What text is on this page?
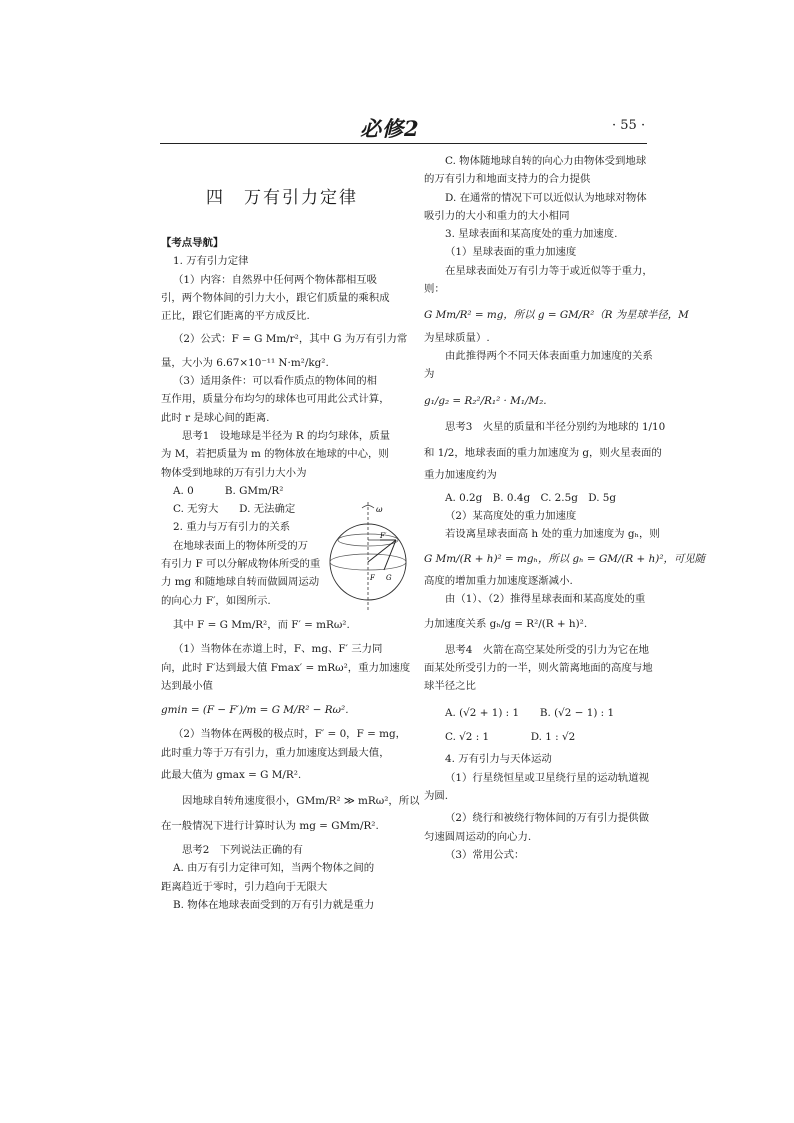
必修2	· 55 ·

四　万有引力定律

【考点导航】

1. 万有引力定律

（1）内容：自然界中任何两个物体都相互吸

引，两个物体间的引力大小，跟它们质量的乘积成

正比，跟它们距离的平方成反比.

（2）公式：F = G Mm/r²，其中 G 为万有引力常

量，大小为 6.67×10⁻¹¹ N·m²/kg².

（3）适用条件：可以看作质点的物体间的相

互作用，质量分布均匀的球体也可用此公式计算，

此时 r 是球心间的距离.

思考1　设地球是半径为 R 的均匀球体，质量

为 M，若把质量为 m 的物体放在地球的中心，则

物体受到地球的万有引力大小为

A. 0　　　B. GMm/R²

C. 无穷大　　D. 无法确定

2. 重力与万有引力的关系

在地球表面上的物体所受的万

有引力 F 可以分解成物体所受的重

力 mg 和随地球自转而做圆周运动

的向心力 F′，如图所示.

其中 F = G Mm/R²，而 F′ = mRω².

（1）当物体在赤道上时，F、mg、F′ 三力同

向，此时 F′达到最大值 Fmax′ = mRω²，重力加速度

达到最小值

gmin = (F − F′)/m = G M/R² − Rω².

（2）当物体在两极的极点时，F′ = 0，F = mg，

此时重力等于万有引力，重力加速度达到最大值，

此最大值为 gmax = G M/R².

因地球自转角速度很小，GMm/R² ≫ mRω²，所以

在一般情况下进行计算时认为 mg = GMm/R².

思考2　下列说法正确的有

A. 由万有引力定律可知，当两个物体之间的

距离趋近于零时，引力趋向于无限大

B. 物体在地球表面受到的万有引力就是重力

ω
F
F′
G

C. 物体随地球自转的向心力由物体受到地球

的万有引力和地面支持力的合力提供

D. 在通常的情况下可以近似认为地球对物体

吸引力的大小和重力的大小相同

3. 星球表面和某高度处的重力加速度.

（1）星球表面的重力加速度

在星球表面处万有引力等于或近似等于重力，

则：

G Mm/R² = mg，所以 g = GM/R²（R 为星球半径，M

为星球质量）.

由此推得两个不同天体表面重力加速度的关系

为

g₁/g₂ = R₂²/R₁² · M₁/M₂.

思考3　火星的质量和半径分别约为地球的 1/10

和 1/2，地球表面的重力加速度为 g，则火星表面的

重力加速度约为

A. 0.2g　B. 0.4g　C. 2.5g　D. 5g

（2）某高度处的重力加速度

若设离星球表面高 h 处的重力加速度为 gₕ，则

G Mm/(R + h)² = mgₕ，所以 gₕ = GM/(R + h)²，可见随

高度的增加重力加速度逐渐减小.

由（1）、（2）推得星球表面和某高度处的重

力加速度关系 gₕ/g = R²/(R + h)².

思考4　火箭在高空某处所受的引力为它在地

面某处所受引力的一半，则火箭离地面的高度与地

球半径之比

A. (√2 + 1) : 1　　B. (√2 − 1) : 1

C. √2 : 1　　　　D. 1 : √2

4. 万有引力与天体运动

（1）行星绕恒星或卫星绕行星的运动轨道视

为圆.

（2）绕行和被绕行物体间的万有引力提供做

匀速圆周运动的向心力.

（3）常用公式：
